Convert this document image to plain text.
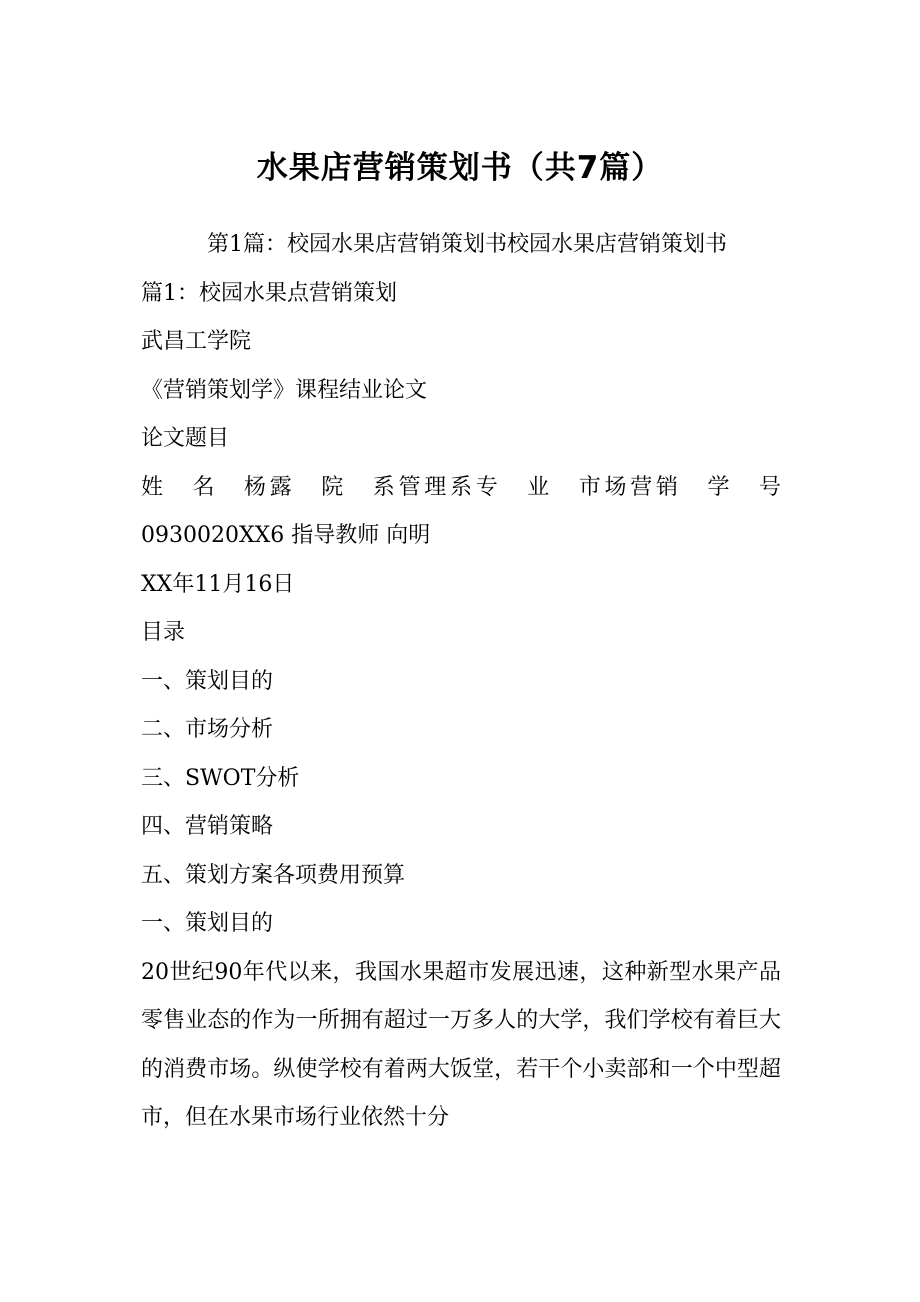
水果店营销策划书（共7篇）

第1篇：校园水果店营销策划书校园水果店营销策划书

篇1：校园水果点营销策划

武昌工学院

《营销策划学》课程结业论文

论文题目

姓　名　杨露　院　系管理系专　业　市场营销　学　号

0930020XX6 指导教师 向明

XX年11月16日

目录

一、策划目的

二、市场分析

三、SWOT分析

四、营销策略

五、策划方案各项费用预算

一、策划目的

20世纪90年代以来，我国水果超市发展迅速，这种新型水果产品零售业态的作为一所拥有超过一万多人的大学，我们学校有着巨大的消费市场。纵使学校有着两大饭堂，若干个小卖部和一个中型超市，但在水果市场行业依然十分
